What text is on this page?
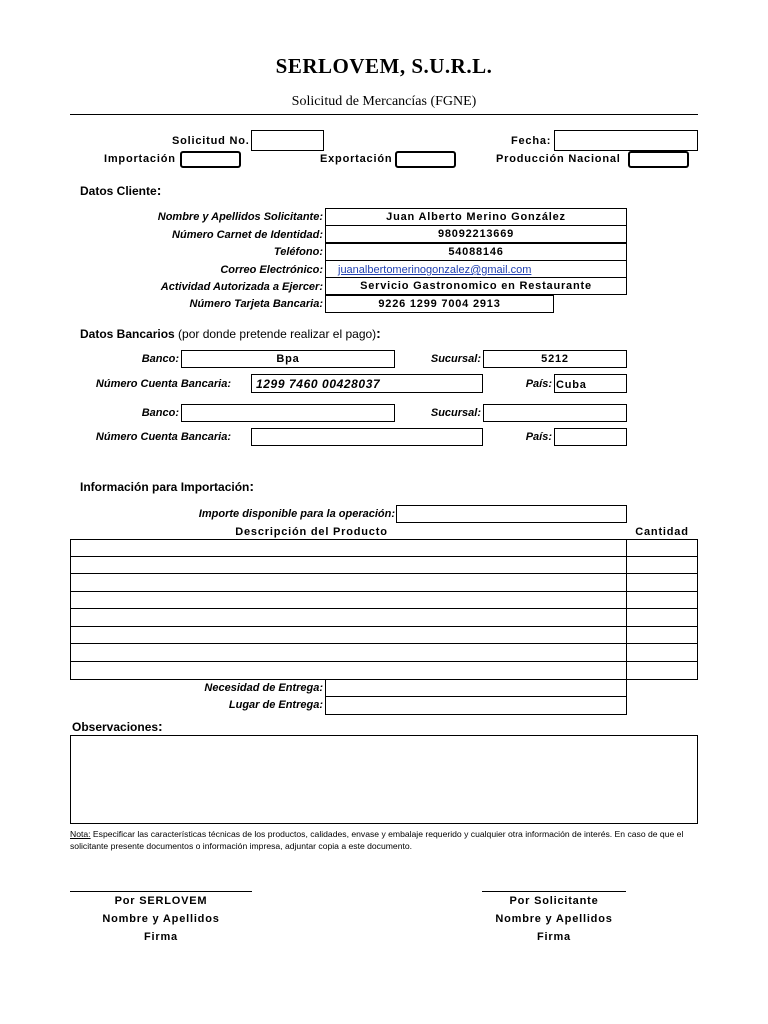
SERLOVEM, S.U.R.L.
Solicitud de Mercancías (FGNE)
Solicitud No.	Fecha:
Importación	Exportación	Producción Nacional
Datos Cliente:
Nombre y Apellidos Solicitante:	Juan Alberto Merino González
Número Carnet de Identidad:	98092213669
Teléfono:	54088146
Correo Electrónico:	juanalbertomerinogonzalez@gmail.com
Actividad Autorizada a Ejercer:	Servicio Gastronomico en Restaurante
Número Tarjeta Bancaria:	9226 1299 7004 2913
Datos Bancarios (por donde pretende realizar el pago):
Banco:	Bpa	Sucursal:	5212
Número Cuenta Bancaria:	1299 7460 00428037	País: Cuba
Banco:	Sucursal:
Número Cuenta Bancaria:	País:
Información para Importación:
Importe disponible para la operación:
Descripción del Producto	Cantidad
Necesidad de Entrega:
Lugar de Entrega:
Observaciones:
Nota: Especificar las características técnicas de los productos, calidades, envase y embalaje requerido y cualquier otra información de interés. En caso de que el solicitante presente documentos o información impresa, adjuntar copia a este documento.
Por SERLOVEM
Nombre y Apellidos
Firma
Por Solicitante
Nombre y Apellidos
Firma
